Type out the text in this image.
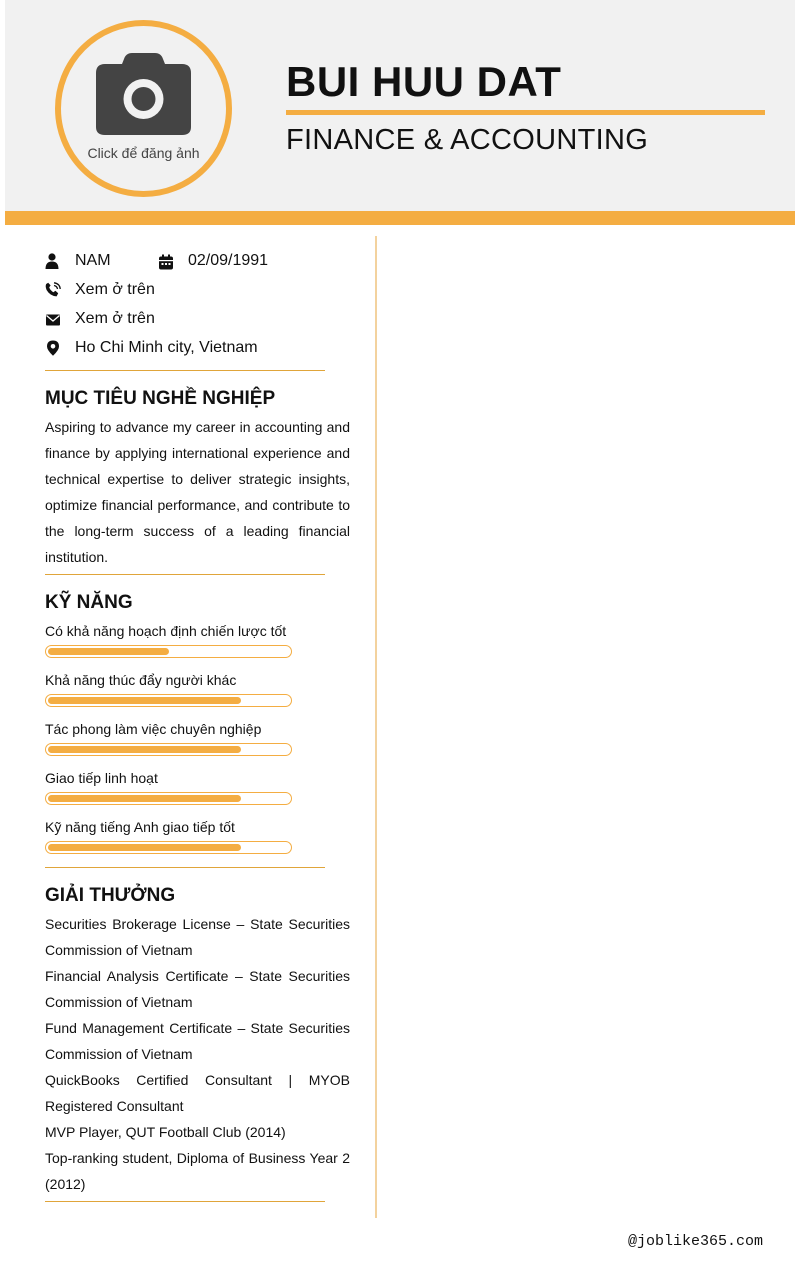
Click để đăng ảnh
BUI HUU DAT
FINANCE & ACCOUNTING
NAM	02/09/1991
Xem ở trên
Xem ở trên
Ho Chi Minh city, Vietnam
MỤC TIÊU NGHỀ NGHIỆP
Aspiring to advance my career in accounting and finance by applying international experience and technical expertise to deliver strategic insights, optimize financial performance, and contribute to the long-term success of a leading financial institution.
KỸ NĂNG
Có khả năng hoạch định chiến lược tốt
Khả năng thúc đẩy người khác
Tác phong làm việc chuyên nghiệp
Giao tiếp linh hoạt
Kỹ năng tiếng Anh giao tiếp tốt
GIẢI THƯỞNG
Securities Brokerage License – State Securities Commission of Vietnam
Financial Analysis Certificate – State Securities Commission of Vietnam
Fund Management Certificate – State Securities Commission of Vietnam
QuickBooks Certified Consultant | MYOB Registered Consultant
MVP Player, QUT Football Club (2014)
Top-ranking student, Diploma of Business Year 2 (2012)
@joblike365.com
